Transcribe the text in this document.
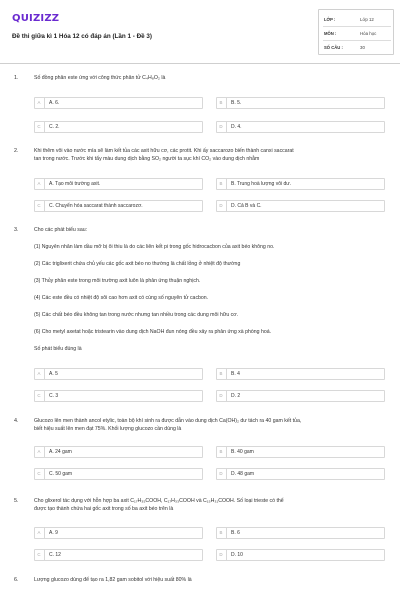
QUIZIZZ
Đề thi giữa kì 1 Hóa 12 có đáp án (Lần 1 - Đề 3)
LỚP :	Lớp 12
MÔN :	Hóa học
SỐ CÂU :	30
1.	Số đồng phân este ứng với công thức phân tử C₄H₈O₂ là
A	A. 6.	B	B. 5.
C	C. 2.	D	D. 4.
2.	Khi thêm vôi vào nước mía sẽ làm kết tủa các axit hữu cơ, các protit. Khi ấy saccarozo biến thành canxi saccarat
tan trong nước. Trước khi tẩy màu dung dịch bằng SO₂ người ta sục khí CO₂ vào dung dịch nhằm
A	A. Tạo môi trường axit.	B	B. Trung hoà lượng vôi dư.
C	C. Chuyển hóa saccarat thành saccarozơ.	D	D. Cả B và C.
3.	Cho các phát biểu sau:
(1) Nguyên nhân làm dầu mỡ bị ôi thiu là do các liên kết pi trong gốc hidrocacbon của axit béo không no.
(2) Các triglixerit chứa chủ yếu các gốc axit béo no thường là chất lỏng ở nhiệt độ thường
(3) Thủy phân este trong môi trường axit luôn là phản ứng thuận nghịch.
(4) Các este đều có nhiệt độ sôi cao hơn axit có cùng số nguyên tử cacbon.
(5) Các chất béo đều không tan trong nước nhưng tan nhiều trong các dung môi hữu cơ.
(6) Cho metyl axetat hoặc tristearin vào dung dịch NaOH đun nóng đều xảy ra phản ứng xà phòng hoá.
Số phát biểu đúng là
A	A. 5	B	B. 4
C	C. 3	D	D. 2
4.	Glucozo lên men thành ancol etylic, toàn bộ khí sinh ra được dẫn vào dung dịch Ca(OH)₂ dư tách ra 40 gam kết tủa,
biết hiệu suất lên men đạt 75%. Khối lượng glucozo cần dùng là
A	A. 24 gam	B	B. 40 gam
C	C. 50 gam	D	D. 48 gam
5.	Cho glixerol tác dụng với hỗn hợp ba axit C₁₇H₃₅COOH, C₁₇H₃₃COOH và C₁₅H₃₁COOH. Số loại trieste có thể
được tạo thành chứa hai gốc axit trong số ba axit béo trên là
A	A. 9	B	B. 6
C	C. 12	D	D. 10
6.	Lượng glucozo dùng để tạo ra 1,82 gam sobitol với hiệu suất 80% là
